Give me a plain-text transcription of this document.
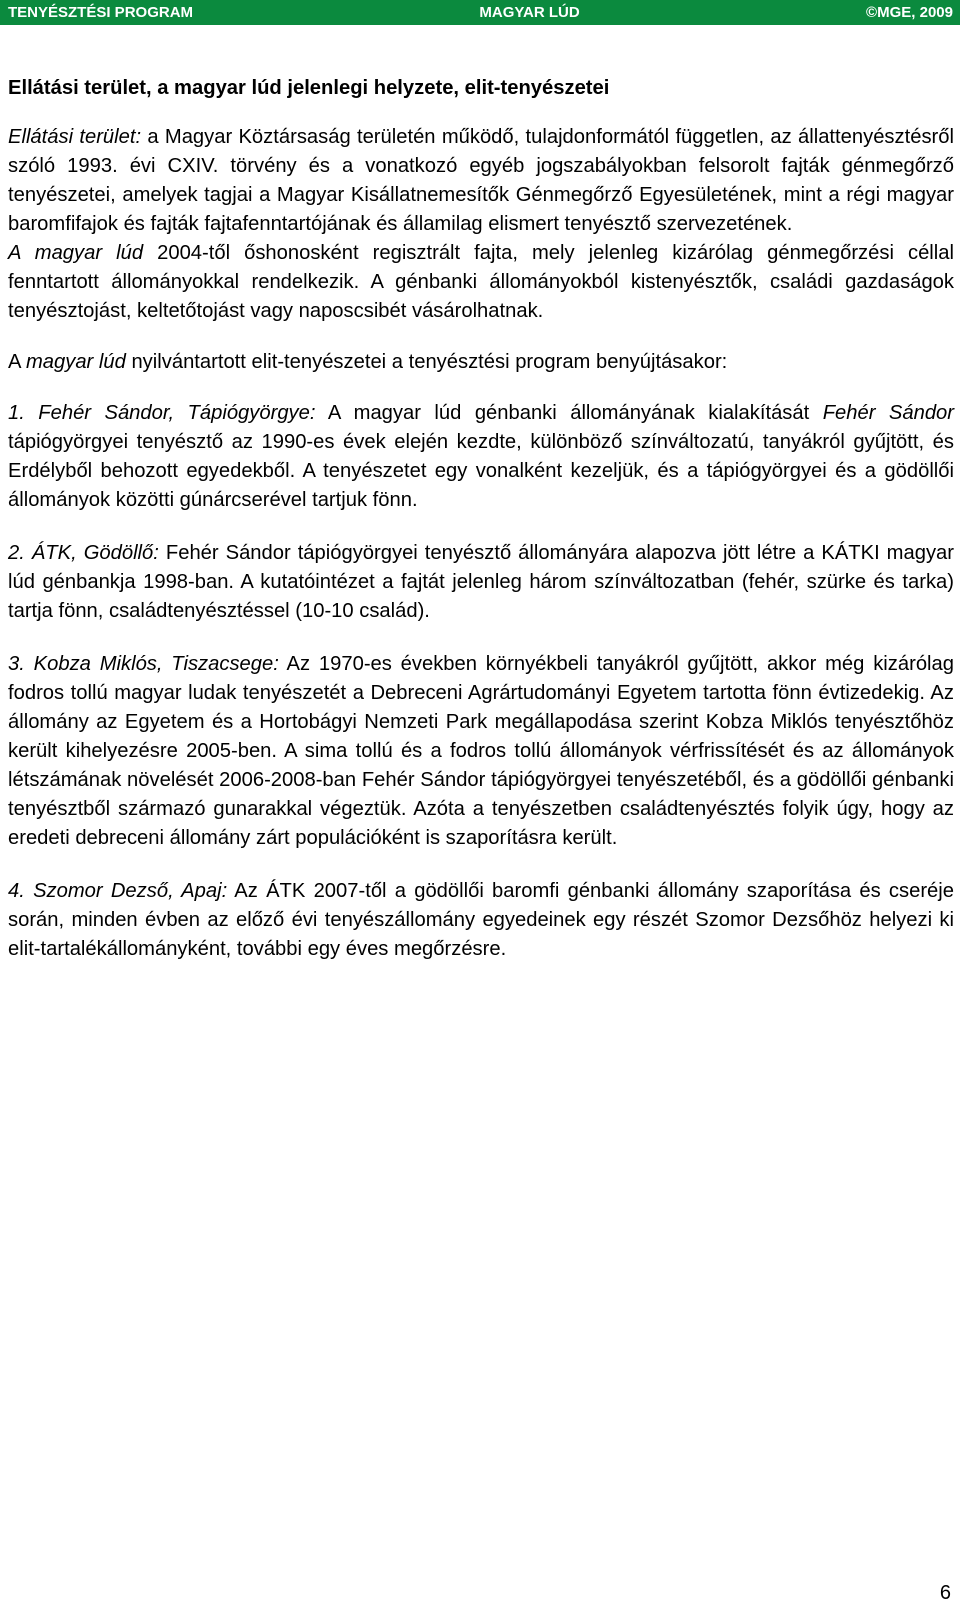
TENYÉSZTÉSI PROGRAM	MAGYAR LÚD	©MGE, 2009
Ellátási terület, a magyar lúd jelenlegi helyzete, elit-tenyészetei

Ellátási terület: a Magyar Köztársaság területén működő, tulajdonformától független, az állattenyésztésről szóló 1993. évi CXIV. törvény és a vonatkozó egyéb jogszabályokban felsorolt fajták génmegőrző tenyészetei, amelyek tagjai a Magyar Kisállatnemesítők Génmegőrző Egyesületének, mint a régi magyar baromfifajok és fajták fajtafenntartójának és államilag elismert tenyésztő szervezetének.

A magyar lúd 2004-től őshonosként regisztrált fajta, mely jelenleg kizárólag génmegőrzési céllal fenntartott állományokkal rendelkezik. A génbanki állományokból kistenyésztők, családi gazdaságok tenyésztojást, keltetőtojást vagy naposcsibét vásárolhatnak.

A magyar lúd nyilvántartott elit-tenyészetei a tenyésztési program benyújtásakor:

1. Fehér Sándor, Tápiógyörgye: A magyar lúd génbanki állományának kialakítását Fehér Sándor tápiógyörgyei tenyésztő az 1990-es évek elején kezdte, különböző színváltozatú, tanyákról gyűjtött, és Erdélyből behozott egyedekből. A tenyészetet egy vonalként kezeljük, és a tápiógyörgyei és a gödöllői állományok közötti gúnárcserével tartjuk fönn.

2. ÁTK, Gödöllő: Fehér Sándor tápiógyörgyei tenyésztő állományára alapozva jött létre a KÁTKI magyar lúd génbankja 1998-ban. A kutatóintézet a fajtát jelenleg három színváltozatban (fehér, szürke és tarka) tartja fönn, családtenyésztéssel (10-10 család).

3. Kobza Miklós, Tiszacsege: Az 1970-es években környékbeli tanyákról gyűjtött, akkor még kizárólag fodros tollú magyar ludak tenyészetét a Debreceni Agrártudományi Egyetem tartotta fönn évtizedekig. Az állomány az Egyetem és a Hortobágyi Nemzeti Park megállapodása szerint Kobza Miklós tenyésztőhöz került kihelyezésre 2005-ben. A sima tollú és a fodros tollú állományok vérfrissítését és az állományok létszámának növelését 2006-2008-ban Fehér Sándor tápiógyörgyei tenyészetéből, és a gödöllői génbanki tenyésztből származó gunarakkal végeztük. Azóta a tenyészetben családtenyésztés folyik úgy, hogy az eredeti debreceni állomány zárt populációként is szaporításra került.

4. Szomor Dezső, Apaj: Az ÁTK 2007-től a gödöllői baromfi génbanki állomány szaporítása és cseréje során, minden évben az előző évi tenyészállomány egyedeinek egy részét Szomor Dezsőhöz helyezi ki elit-tartalékállományként, további egy éves megőrzésre.

6
